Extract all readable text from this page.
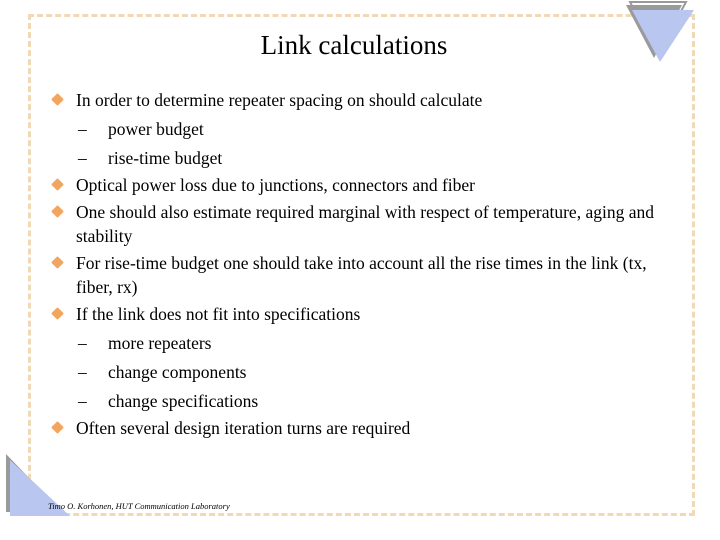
Link calculations
In order to determine repeater spacing on should calculate
–	power budget
–	rise-time budget
Optical power loss due to junctions, connectors and fiber
One should also estimate required marginal with respect of temperature, aging and stability
For rise-time budget one should take into account all the rise times in the link (tx, fiber, rx)
If the link does not fit into specifications
–	more repeaters
–	change components
–	change specifications
Often several design iteration turns are required
Timo O. Korhonen, HUT Communication Laboratory
